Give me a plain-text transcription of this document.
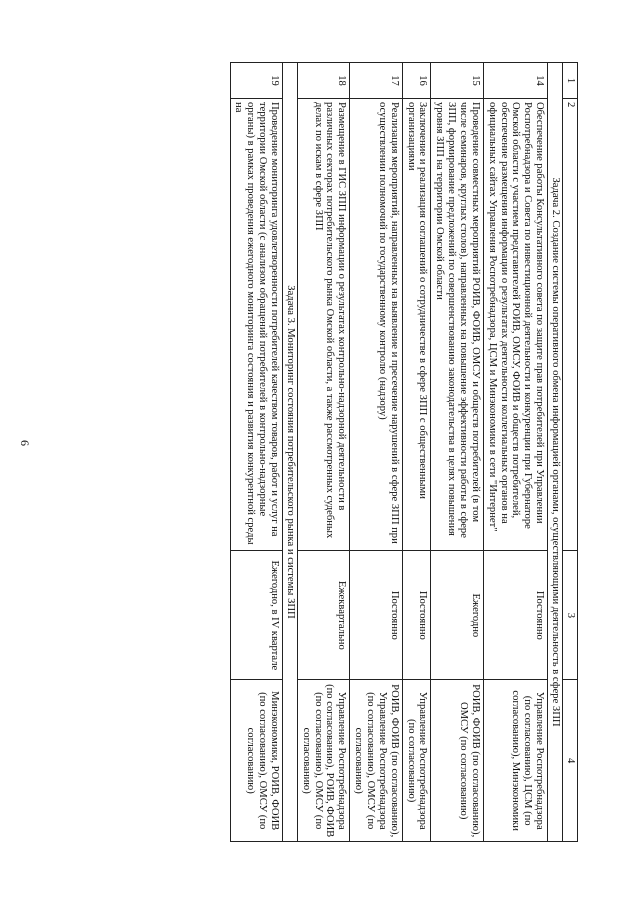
6
1	2	3	4
Задача 2. Создание системы оперативного обмена информацией органами, осуществляющими деятельность в сфере ЗПП			
14	Обеспечение работы Консультативного совета по защите прав потребителей при Управлении Роспотребнадзора и Совета по инвестиционной деятельности и конкуренции при Губернаторе Омской области с участием представителей РОИВ, ОМСУ, ФОИВ и обществ потребителей, обеспечение размещения информации о результатах деятельности коллегиальных органов на официальных сайтах Управления Роспотребнадзора, ЦСМ и Минэкономики в сети "Интернет"	Постоянно	Управление Роспотребнадзора (по согласованию), ЦСМ (по согласованию), Минэкономики
15	Проведение совместных мероприятий РОИВ, ФОИВ, ОМСУ и обществ потребителей (в том числе семинаров, круглых столов), направленных на повышение эффективности работы в сфере ЗПП, формирование предложений по совершенствованию законодательства в целях повышения уровня ЗПП на территории Омской области	Ежегодно	РОИВ, ФОИВ (по согласованию), ОМСУ (по согласованию)
16	Заключение и реализация соглашений о сотрудничестве в сфере ЗПП с общественными организациями	Постоянно	Управление Роспотребнадзора (по согласованию)
17	Реализация мероприятий, направленных на выявление и пресечение нарушений в сфере ЗПП при осуществлении полномочий по государственному контролю (надзору)	Постоянно	РОИВ, ФОИВ (по согласованию), Управление Роспотребнадзора (по согласованию), ОМСУ (по согласованию)
18	Размещение в ГИС ЗПП информации о результатах контрольно-надзорной деятельности в различных секторах потребительского рынка Омской области, а также рассмотренных судебных делах по искам в сфере ЗПП	Ежеквартально	Управление Роспотребнадзора (по согласованию), РОИВ, ФОИВ (по согласованию), ОМСУ (по согласованию)
Задача 3. Мониторинг состояния потребительского рынка и системы ЗПП			
19	Проведение мониторинга удовлетворенности потребителей качеством товаров, работ и услуг на территории Омской области (с анализом обращений потребителей в контрольно-надзорные органы) в рамках проведения ежегодного мониторинга состояния и развития конкурентной среды на	Ежегодно, в IV квартале	Минэкономики, РОИВ, ФОИВ (по согласованию), ОМСУ (по согласованию)
